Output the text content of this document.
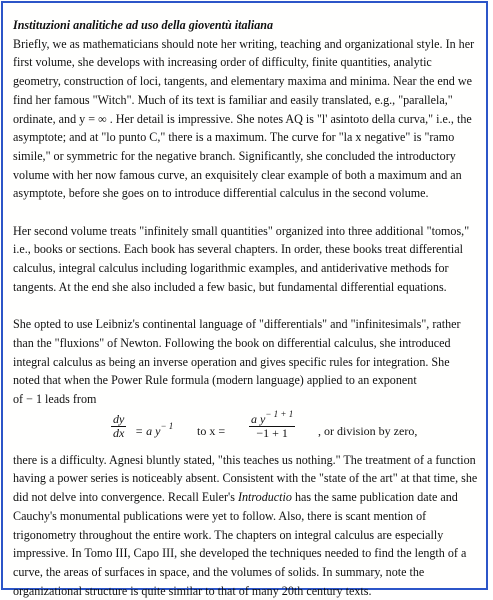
Instituzioni analitiche ad uso della gioventù italiana

Briefly, we as mathematicians should note her writing, teaching and organizational style. In her first volume, she develops with increasing order of difficulty, finite quantities, analytic geometry, construction of loci, tangents, and elementary maxima and minima. Near the end we find her famous "Witch". Much of its text is familiar and easily translated, e.g., "parallela," ordinate, and y = ∞ . Her detail is impressive. She notes AQ is "l' asintoto della curva," i.e., the asymptote; and at "lo punto C," there is a maximum. The curve for "la x negative" is "ramo simile," or symmetric for the negative branch. Significantly, she concluded the introductory volume with her now famous curve, an exquisitely clear example of both a maximum and an asymptote, before she goes on to introduce differential calculus in the second volume.

Her second volume treats "infinitely small quantities" organized into three additional "tomos," i.e., books or sections. Each book has several chapters. In order, these books treat differential calculus, integral calculus including logarithmic examples, and antiderivative methods for tangents. At the end she also included a few basic, but fundamental differential equations.

She opted to use Leibniz's continental language of "differentials" and "infinitesimals", rather than the "fluxions" of Newton. Following the book on differential calculus, she introduced integral calculus as being an inverse operation and gives specific rules for integration. She noted that when the Power Rule formula (modern language) applied to an exponent

of − 1 leads from

$\frac{dy}{dx} = a$ $y^{- 1}$ to $x = \frac{a y^{- 1 + 1}}{-1 + 1}$ , or division by zero,

there is a difficulty. Agnesi bluntly stated, "this teaches us nothing." The treatment of a function having a power series is noticeably absent. Consistent with the "state of the art" at that time, she did not delve into convergence. Recall Euler's Introductio has the same publication date and Cauchy's monumental publications were yet to follow. Also, there is scant mention of trigonometry throughout the entire work. The chapters on integral calculus are especially impressive. In Tomo III, Capo III, she developed the techniques needed to find the length of a curve, the areas of surfaces in space, and the volumes of solids. In summary, note the organizational structure is quite similar to that of many 20th century texts.
